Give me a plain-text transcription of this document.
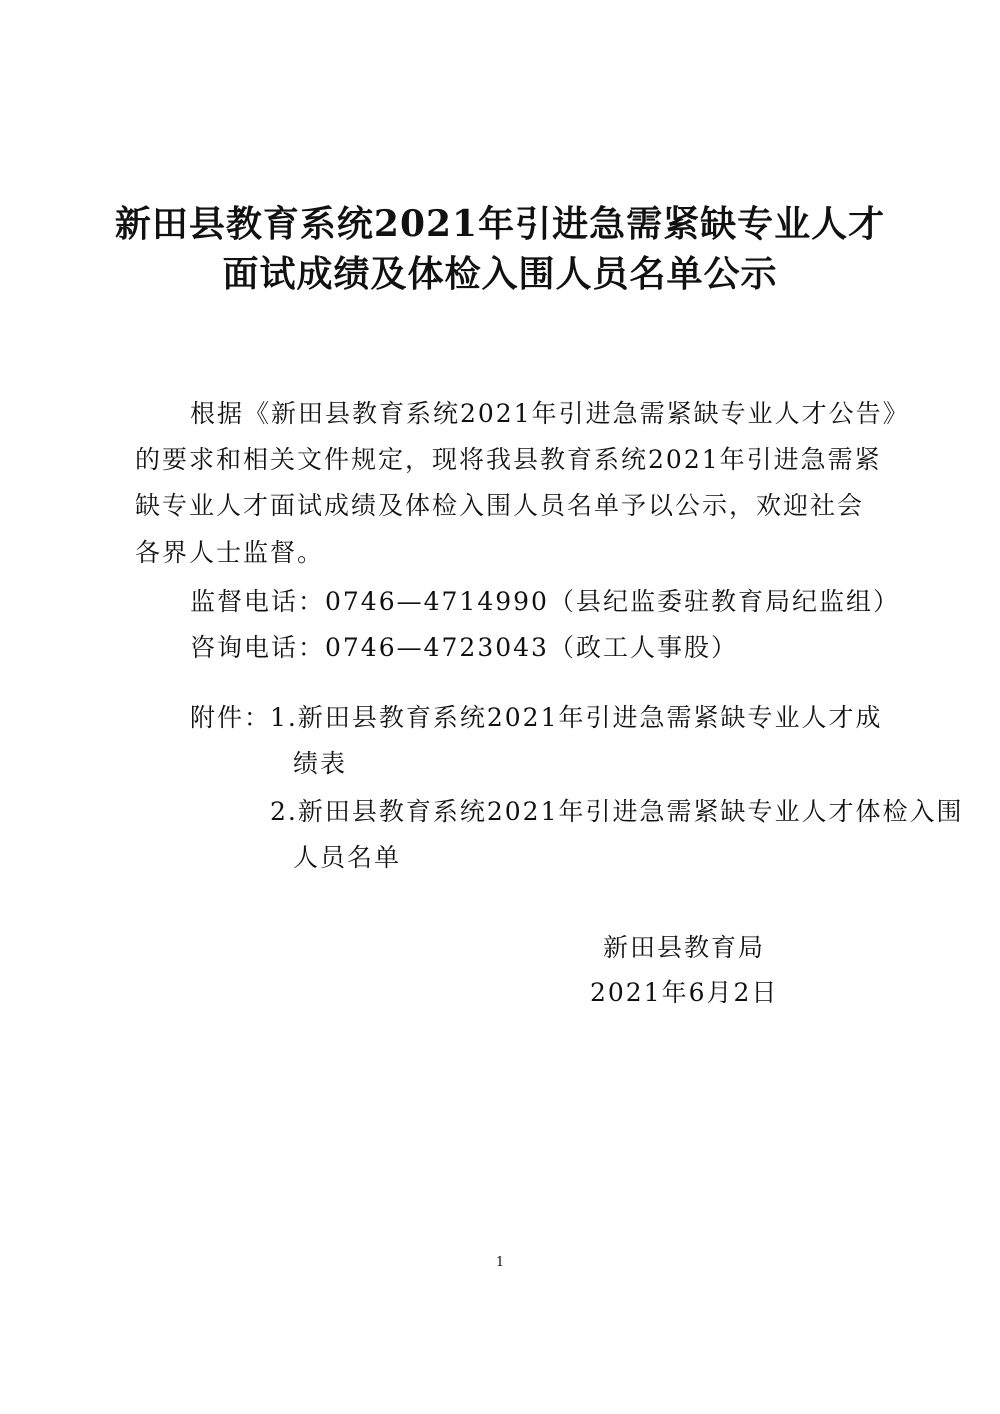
新田县教育系统2021年引进急需紧缺专业人才
面试成绩及体检入围人员名单公示
根据《新田县教育系统2021年引进急需紧缺专业人才公告》
的要求和相关文件规定，现将我县教育系统2021年引进急需紧
缺专业人才面试成绩及体检入围人员名单予以公示，欢迎社会
各界人士监督。
监督电话：0746—4714990（县纪监委驻教育局纪监组）
咨询电话：0746—4723043（政工人事股）
附件：
1.新田县教育系统2021年引进急需紧缺专业人才成
绩表
2.新田县教育系统2021年引进急需紧缺专业人才体检入围
人员名单
新田县教育局
2021年6月2日
1
